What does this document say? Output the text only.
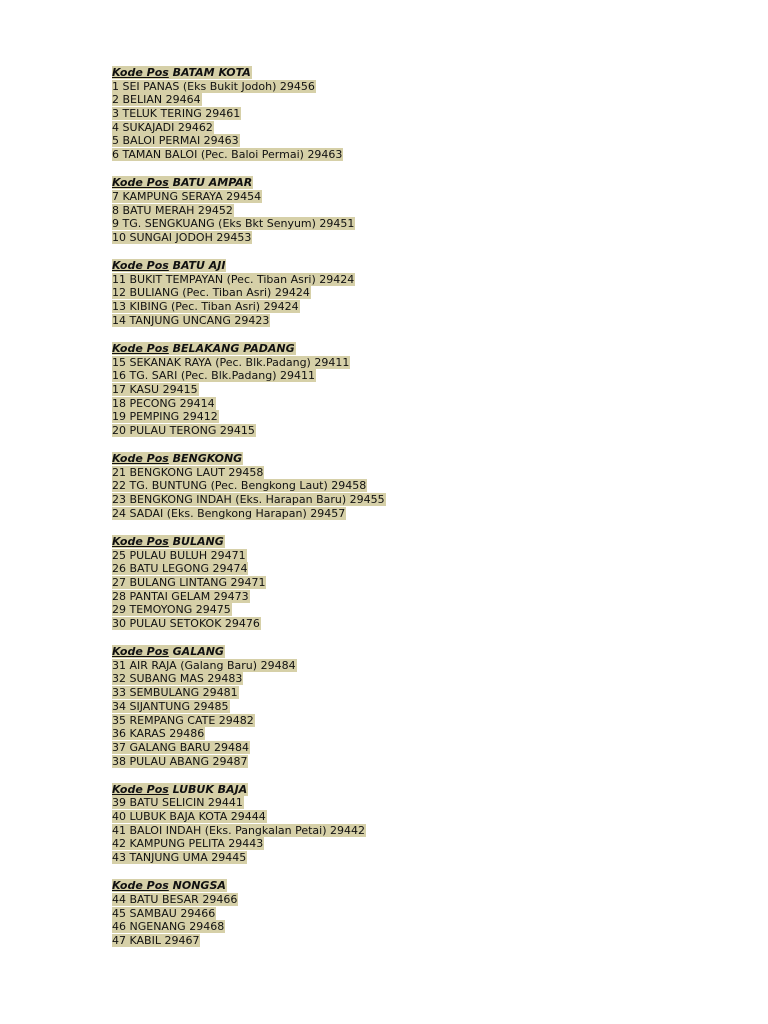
Kode Pos BATAM KOTA
1 SEI PANAS (Eks Bukit Jodoh) 29456
2 BELIAN 29464
3 TELUK TERING 29461
4 SUKAJADI 29462
5 BALOI PERMAI 29463
6 TAMAN BALOI (Pec. Baloi Permai) 29463
Kode Pos BATU AMPAR
7 KAMPUNG SERAYA 29454
8 BATU MERAH 29452
9 TG. SENGKUANG (Eks Bkt Senyum) 29451
10 SUNGAI JODOH 29453
Kode Pos BATU AJI
11 BUKIT TEMPAYAN (Pec. Tiban Asri) 29424
12 BULIANG (Pec. Tiban Asri) 29424
13 KIBING (Pec. Tiban Asri) 29424
14 TANJUNG UNCANG 29423
Kode Pos BELAKANG PADANG
15 SEKANAK RAYA (Pec. Blk.Padang) 29411
16 TG. SARI (Pec. Blk.Padang) 29411
17 KASU 29415
18 PECONG 29414
19 PEMPING 29412
20 PULAU TERONG 29415
Kode Pos BENGKONG
21 BENGKONG LAUT 29458
22 TG. BUNTUNG (Pec. Bengkong Laut) 29458
23 BENGKONG INDAH (Eks. Harapan Baru) 29455
24 SADAI (Eks. Bengkong Harapan) 29457
Kode Pos BULANG
25 PULAU BULUH 29471
26 BATU LEGONG 29474
27 BULANG LINTANG 29471
28 PANTAI GELAM 29473
29 TEMOYONG 29475
30 PULAU SETOKOK 29476
Kode Pos GALANG
31 AIR RAJA (Galang Baru) 29484
32 SUBANG MAS 29483
33 SEMBULANG 29481
34 SIJANTUNG 29485
35 REMPANG CATE 29482
36 KARAS 29486
37 GALANG BARU 29484
38 PULAU ABANG 29487
Kode Pos LUBUK BAJA
39 BATU SELICIN 29441
40 LUBUK BAJA KOTA 29444
41 BALOI INDAH (Eks. Pangkalan Petai) 29442
42 KAMPUNG PELITA 29443
43 TANJUNG UMA 29445
Kode Pos NONGSA
44 BATU BESAR 29466
45 SAMBAU 29466
46 NGENANG 29468
47 KABIL 29467
